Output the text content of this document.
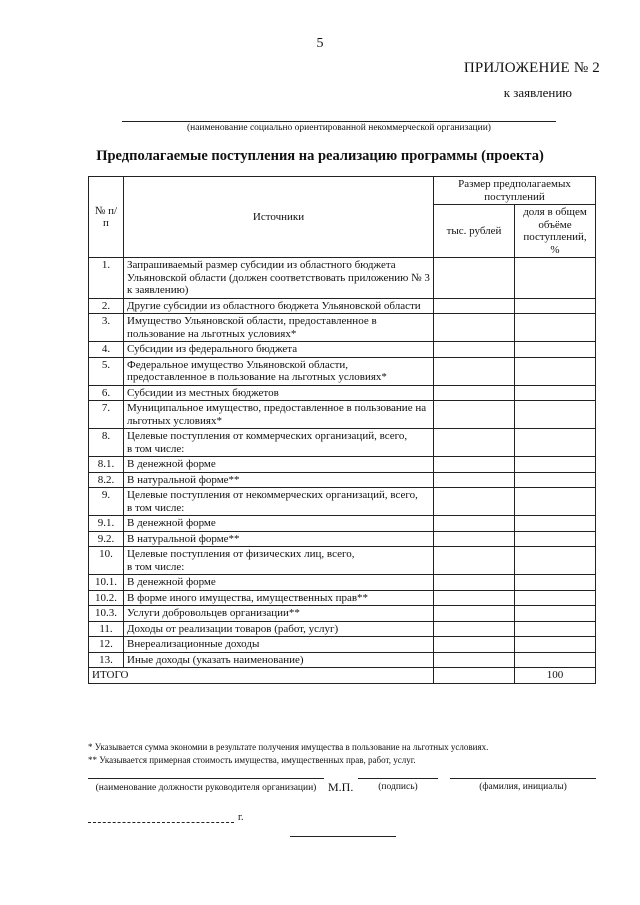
5
ПРИЛОЖЕНИЕ № 2
к заявлению
(наименование социально ориентированной некоммерческой организации)
Предполагаемые поступления на реализацию программы (проекта)
№ п/п	Источники	Размер предполагаемых поступлений	
		тыс. рублей	доля в общем объёме поступлений, %
1.	Запрашиваемый размер субсидии из областного бюджета Ульяновской области (должен соответствовать приложению № 3 к заявлению)		

2.	Другие субсидии из областного бюджета Ульяновской области		

3.	Имущество Ульяновской области, предоставленное в пользование на льготных условиях*		

4.	Субсидии из федерального бюджета		

5.	Федеральное имущество Ульяновской области, предоставленное в пользование на льготных условиях*		

6.	Субсидии из местных бюджетов		

7.	Муниципальное имущество, предоставленное в пользование на льготных условиях*		

8.	Целевые поступления от коммерческих организаций, всего,
в том числе:		

8.1.	В денежной форме		

8.2.	В натуральной форме**		

9.	Целевые поступления от некоммерческих организаций, всего,
в том числе:		

9.1.	В денежной форме		

9.2.	В натуральной форме**		

10.	Целевые поступления от физических лиц, всего,
в том числе:		

10.1.	В денежной форме		

10.2.	В форме иного имущества, имущественных прав**		

10.3.	Услуги добровольцев организации**		

11.	Доходы от реализации товаров (работ, услуг)		

12.	Внереализационные доходы		

13.	Иные доходы (указать наименование)		

ИТОГО			100
* Указывается сумма экономии в результате получения имущества в пользование на льготных условиях.
** Указывается примерная стоимость имущества, имущественных прав, работ, услуг.
(наименование должности руководителя организации) М.П.	(подпись)	(фамилия, инициалы)
г.
